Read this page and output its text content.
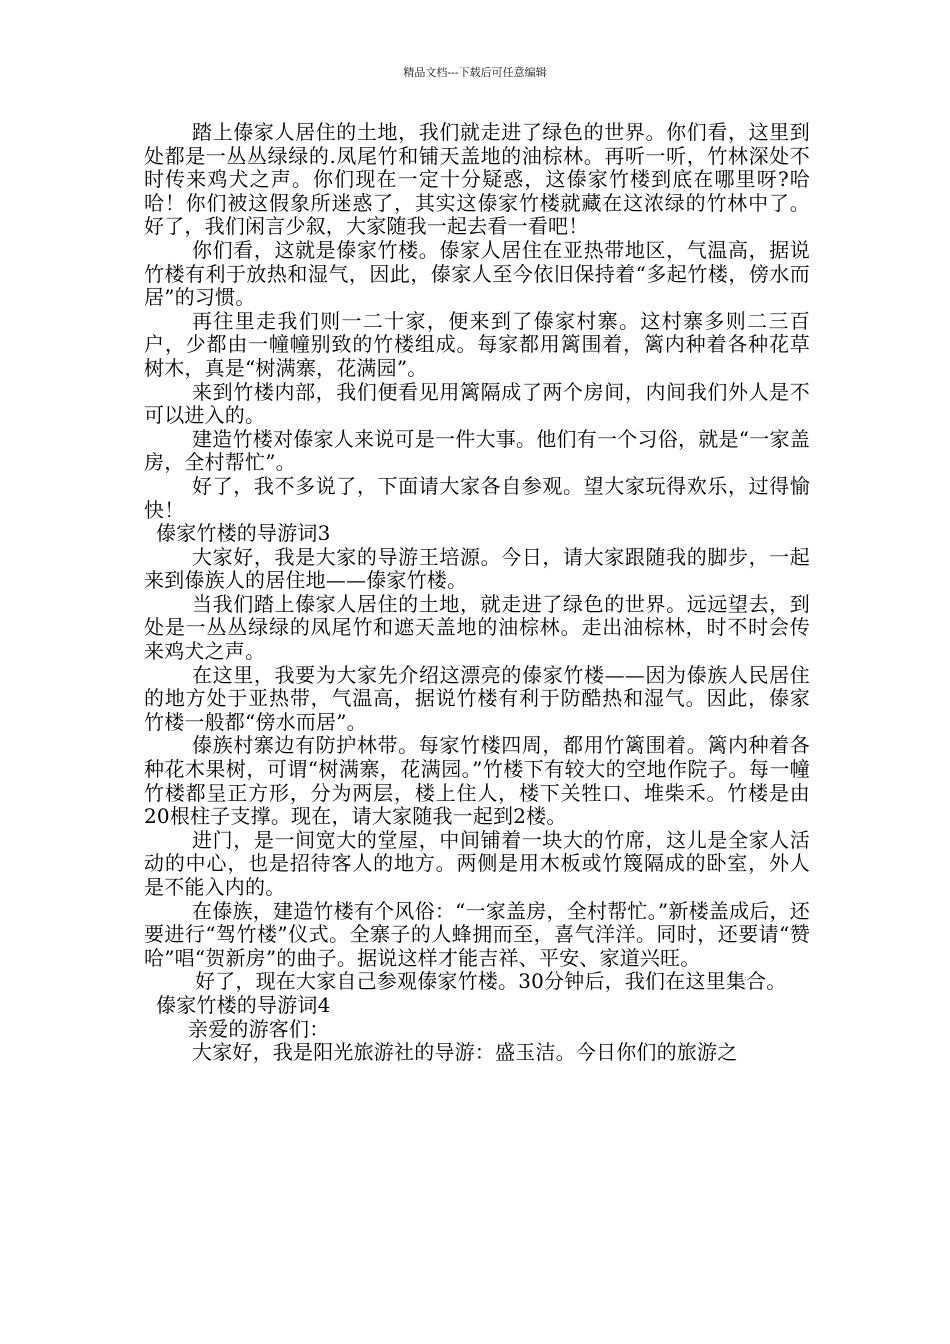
精品文档---下载后可任意编辑

踏上傣家人居住的土地，我们就走进了绿色的世界。你们看，这里到处都是一丛丛绿绿的.凤尾竹和铺天盖地的油棕林。再听一听，竹林深处不时传来鸡犬之声。你们现在一定十分疑惑，这傣家竹楼到底在哪里呀?哈哈！你们被这假象所迷惑了，其实这傣家竹楼就藏在这浓绿的竹林中了。好了，我们闲言少叙，大家随我一起去看一看吧！

你们看，这就是傣家竹楼。傣家人居住在亚热带地区，气温高，据说竹楼有利于放热和湿气，因此，傣家人至今依旧保持着“多起竹楼，傍水而居”的习惯。

再往里走我们则一二十家，便来到了傣家村寨。这村寨多则二三百户，少都由一幢幢别致的竹楼组成。每家都用篱围着，篱内种着各种花草树木，真是“树满寨，花满园”。

来到竹楼内部，我们便看见用篱隔成了两个房间，内间我们外人是不可以进入的。

建造竹楼对傣家人来说可是一件大事。他们有一个习俗，就是“一家盖房，全村帮忙”。

好了，我不多说了，下面请大家各自参观。望大家玩得欢乐，过得愉快！

傣家竹楼的导游词3

大家好，我是大家的导游王培源。今日，请大家跟随我的脚步，一起来到傣族人的居住地——傣家竹楼。

当我们踏上傣家人居住的土地，就走进了绿色的世界。远远望去，到处是一丛丛绿绿的凤尾竹和遮天盖地的油棕林。走出油棕林，时不时会传来鸡犬之声。

在这里，我要为大家先介绍这漂亮的傣家竹楼——因为傣族人民居住的地方处于亚热带，气温高，据说竹楼有利于防酷热和湿气。因此，傣家竹楼一般都“傍水而居”。

傣族村寨边有防护林带。每家竹楼四周，都用竹篱围着。篱内种着各种花木果树，可谓“树满寨，花满园。”竹楼下有较大的空地作院子。每一幢竹楼都呈正方形，分为两层，楼上住人，楼下关牲口、堆柴禾。竹楼是由20根柱子支撑。现在，请大家随我一起到2楼。

进门，是一间宽大的堂屋，中间铺着一块大的竹席，这儿是全家人活动的中心，也是招待客人的地方。两侧是用木板或竹篾隔成的卧室，外人是不能入内的。

在傣族，建造竹楼有个风俗：“一家盖房，全村帮忙。”新楼盖成后，还要进行“驾竹楼”仪式。全寨子的人蜂拥而至，喜气洋洋。同时，还要请“赞哈”唱“贺新房”的曲子。据说这样才能吉祥、平安、家道兴旺。

好了，现在大家自己参观傣家竹楼。30分钟后，我们在这里集合。

傣家竹楼的导游词4

亲爱的游客们：

大家好，我是阳光旅游社的导游：盛玉洁。今日你们的旅游之
